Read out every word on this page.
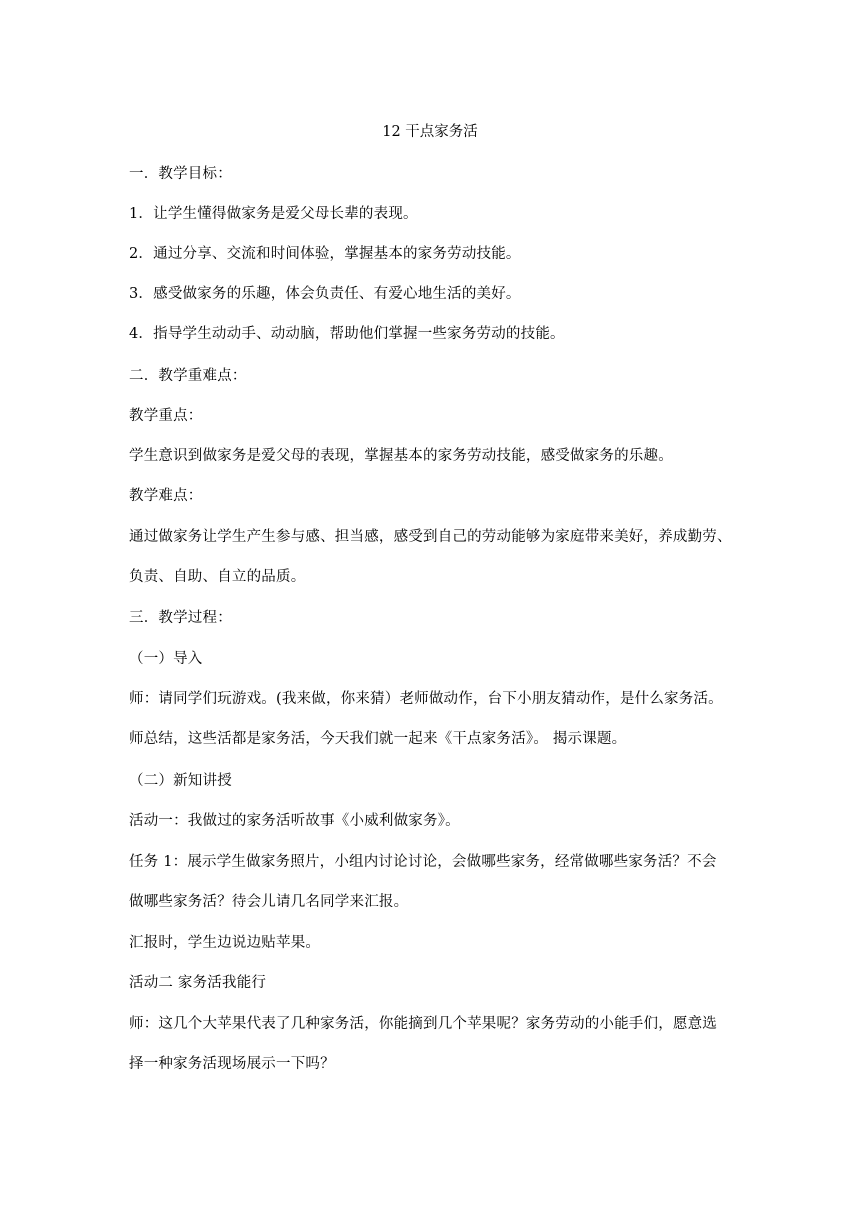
12 干点家务活
一．教学目标：
1．让学生懂得做家务是爱父母长辈的表现。
2．通过分享、交流和时间体验，掌握基本的家务劳动技能。
3．感受做家务的乐趣，体会负责任、有爱心地生活的美好。
4．指导学生动动手、动动脑，帮助他们掌握一些家务劳动的技能。
二．教学重难点：
教学重点：
学生意识到做家务是爱父母的表现，掌握基本的家务劳动技能，感受做家务的乐趣。
教学难点：
通过做家务让学生产生参与感、担当感，感受到自己的劳动能够为家庭带来美好，养成勤劳、
负责、自助、自立的品质。
三．教学过程：
（一）导入
师：请同学们玩游戏。(我来做，你来猜）老师做动作，台下小朋友猜动作，是什么家务活。
师总结，这些活都是家务活，今天我们就一起来《干点家务活》。 揭示课题。
（二）新知讲授
活动一：我做过的家务活听故事《小威利做家务》。
任务 1：展示学生做家务照片，小组内讨论讨论，会做哪些家务，经常做哪些家务活？不会
做哪些家务活？待会儿请几名同学来汇报。
汇报时，学生边说边贴苹果。
活动二 家务活我能行
师：这几个大苹果代表了几种家务活，你能摘到几个苹果呢？家务劳动的小能手们，愿意选
择一种家务活现场展示一下吗？
